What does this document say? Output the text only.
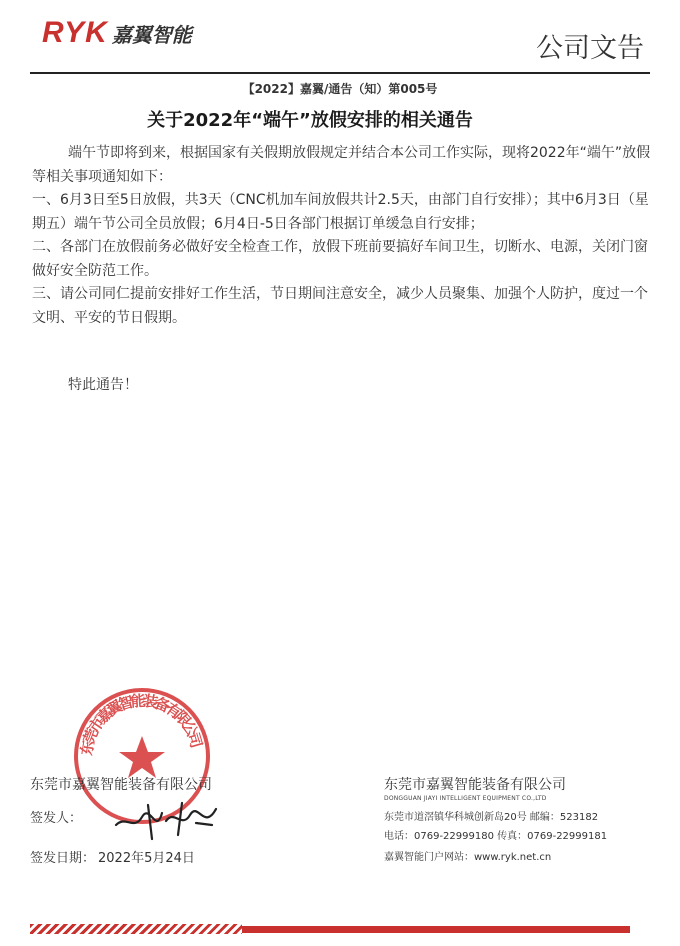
RYK 嘉翼智能	公司文告
【2022】嘉翼/通告（知）第005号
关于2022年“端午”放假安排的相关通告

端午节即将到来，根据国家有关假期放假规定并结合本公司工作实际，现将2022年“端午”放假等相关事项通知如下：

一、6月3日至5日放假，共3天（CNC机加车间放假共计2.5天，由部门自行安排）；其中6月3日（星期五）端午节公司全员放假；6月4日-5日各部门根据订单缓急自行安排；

二、各部门在放假前务必做好安全检查工作，放假下班前要搞好车间卫生，切断水、电源，关闭门窗做好安全防范工作。

三、请公司同仁提前安排好工作生活，节日期间注意安全，减少人员聚集、加强个人防护，度过一个文明、平安的节日假期。

特此通告！
东莞市嘉翼智能装备有限公司
东莞市嘉翼智能装备有限公司
签发人：
签发日期： 2022年5月24日
东莞市嘉翼智能装备有限公司
DONGGUAN JIAYI INTELLIGENT EQUIPMENT CO.,LTD
东莞市道滘镇华科城创新岛20号 邮编：523182
电话：0769-22999180 传真：0769-22999181
嘉翼智能门户网站：www.ryk.net.cn
